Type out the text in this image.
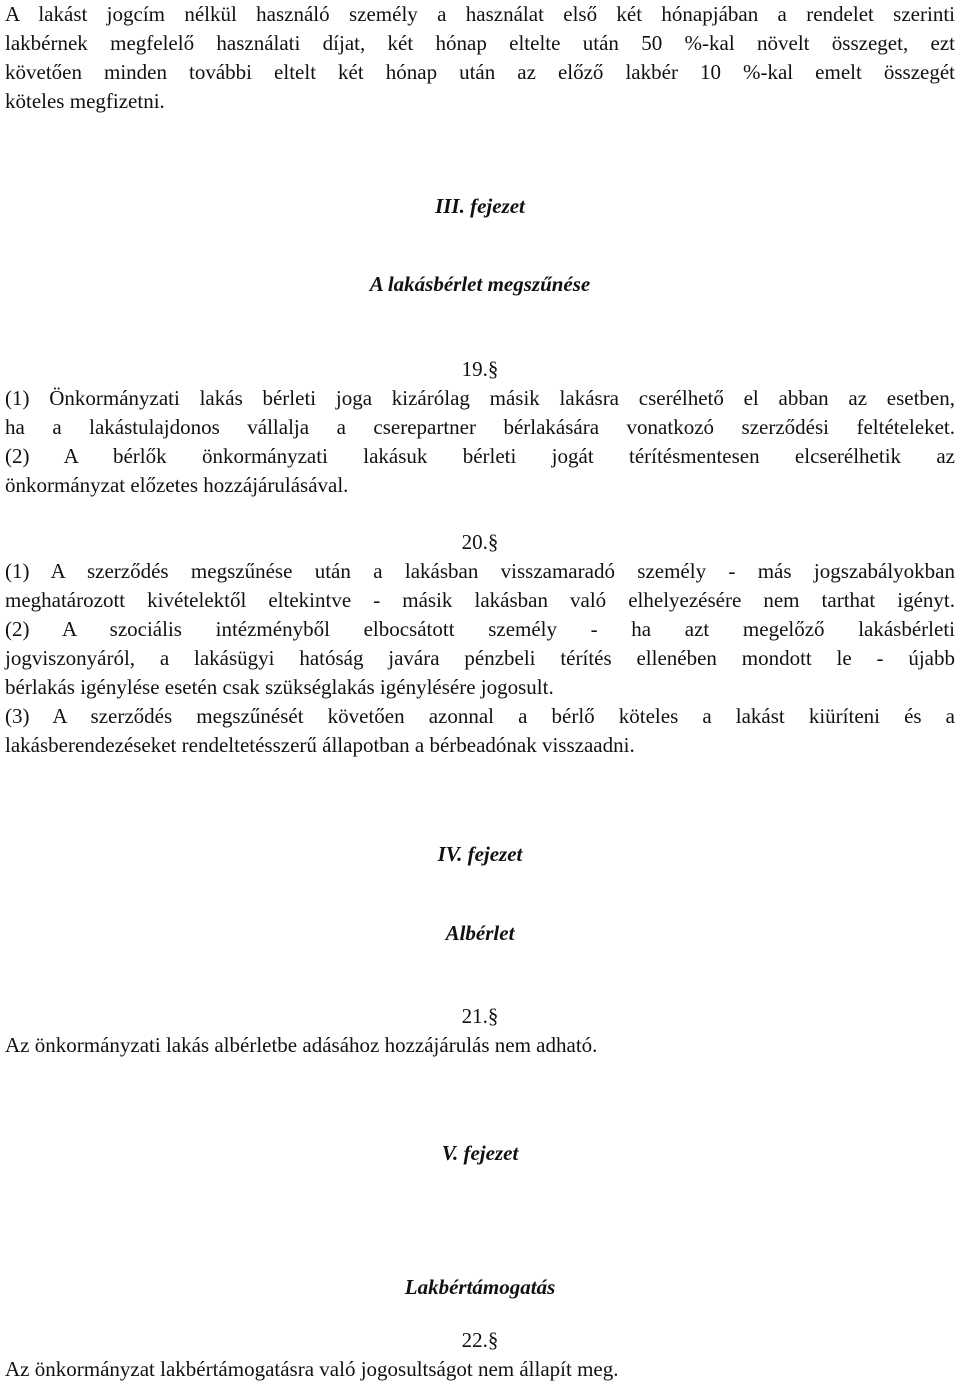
A lakást jogcím nélkül használó személy a használat első két hónapjában a rendelet szerinti
lakbérnek megfelelő használati díjat, két hónap eltelte után 50 %-kal növelt összeget, ezt
követően minden további eltelt két hónap után az előző lakbér 10 %-kal emelt összegét
köteles megfizetni.
III. fejezet
A lakásbérlet megszűnése
19.§
(1) Önkormányzati lakás bérleti joga kizárólag másik lakásra cserélhető el abban az esetben,
ha a lakástulajdonos vállalja a cserepartner bérlakására vonatkozó szerződési feltételeket.
(2) A bérlők önkormányzati lakásuk bérleti jogát térítésmentesen elcserélhetik az
önkormányzat előzetes hozzájárulásával.
20.§
(1) A szerződés megszűnése után a lakásban visszamaradó személy - más jogszabályokban
meghatározott kivételektől eltekintve - másik lakásban való elhelyezésére nem tarthat igényt.
(2) A szociális intézményből elbocsátott személy - ha azt megelőző lakásbérleti
jogviszonyáról, a lakásügyi hatóság javára pénzbeli térítés ellenében mondott le - újabb
bérlakás igénylése esetén csak szükséglakás igénylésére jogosult.
(3) A szerződés megszűnését követően azonnal a bérlő köteles a lakást kiüríteni és a
lakásberendezéseket rendeltetésszerű állapotban a bérbeadónak visszaadni.
IV. fejezet
Albérlet
21.§
Az önkormányzati lakás albérletbe adásához hozzájárulás nem adható.
V. fejezet
Lakbértámogatás
22.§
Az önkormányzat lakbértámogatásra való jogosultságot nem állapít meg.
